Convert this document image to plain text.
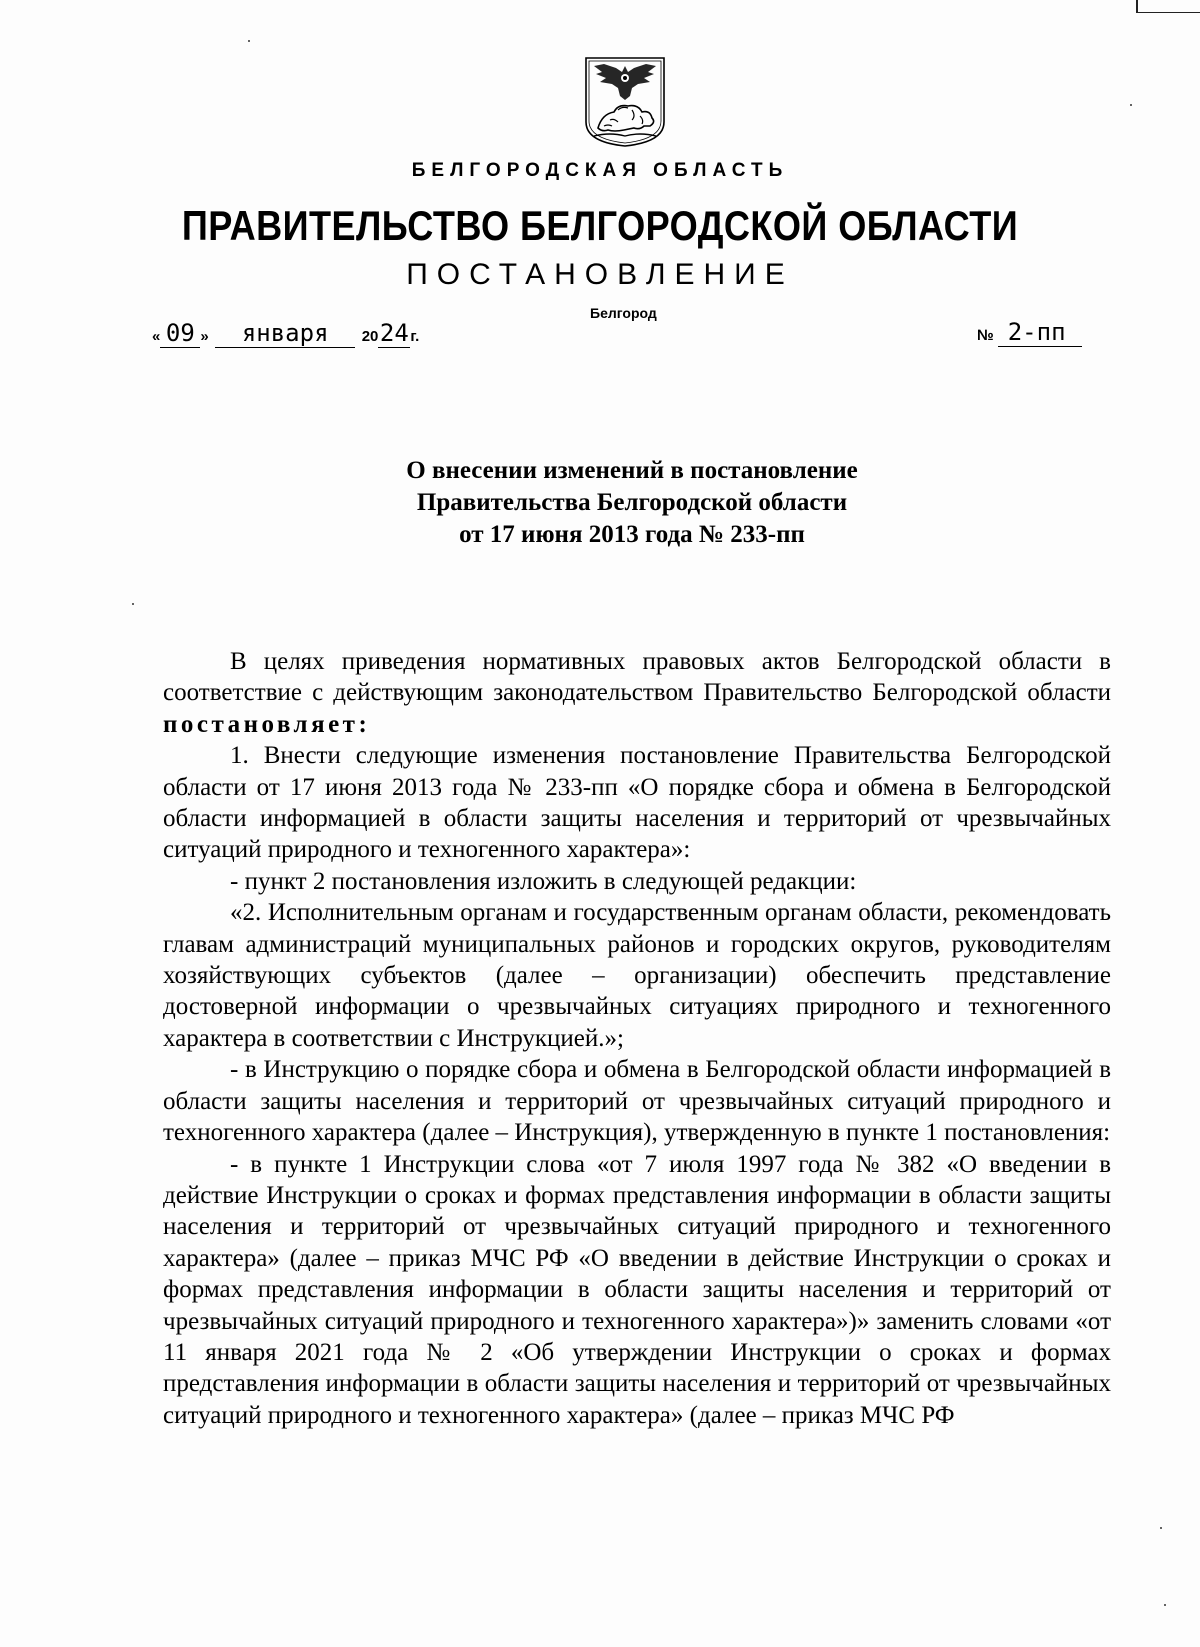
БЕЛГОРОДСКАЯ ОБЛАСТЬ
ПРАВИТЕЛЬСТВО БЕЛГОРОДСКОЙ ОБЛАСТИ
ПОСТАНОВЛЕНИЕ
Белгород
« 09 » января 2024 г.	№ 2-пп
О внесении изменений в постановление
Правительства Белгородской области
от 17 июня 2013 года № 233-пп

В целях приведения нормативных правовых актов Белгородской области в соответствие с действующим законодательством Правительство Белгородской области постановляет:

1. Внести следующие изменения постановление Правительства Белгородской области от 17 июня 2013 года № 233-пп «О порядке сбора и обмена в Белгородской области информацией в области защиты населения и территорий от чрезвычайных ситуаций природного и техногенного характера»:

- пункт 2 постановления изложить в следующей редакции:

«2. Исполнительным органам и государственным органам области, рекомендовать главам администраций муниципальных районов и городских округов, руководителям хозяйствующих субъектов (далее – организации) обеспечить представление достоверной информации о чрезвычайных ситуациях природного и техногенного характера в соответствии с Инструкцией.»;

- в Инструкцию о порядке сбора и обмена в Белгородской области информацией в области защиты населения и территорий от чрезвычайных ситуаций природного и техногенного характера (далее – Инструкция), утвержденную в пункте 1 постановления:

- в пункте 1 Инструкции слова «от 7 июля 1997 года № 382 «О введении в действие Инструкции о сроках и формах представления информации в области защиты населения и территорий от чрезвычайных ситуаций природного и техногенного характера» (далее – приказ МЧС РФ «О введении в действие Инструкции о сроках и формах представления информации в области защиты населения и территорий от чрезвычайных ситуаций природного и техногенного характера»)» заменить словами «от 11 января 2021 года № 2 «Об утверждении Инструкции о сроках и формах представления информации в области защиты населения и территорий от чрезвычайных ситуаций природного и техногенного характера» (далее – приказ МЧС РФ
